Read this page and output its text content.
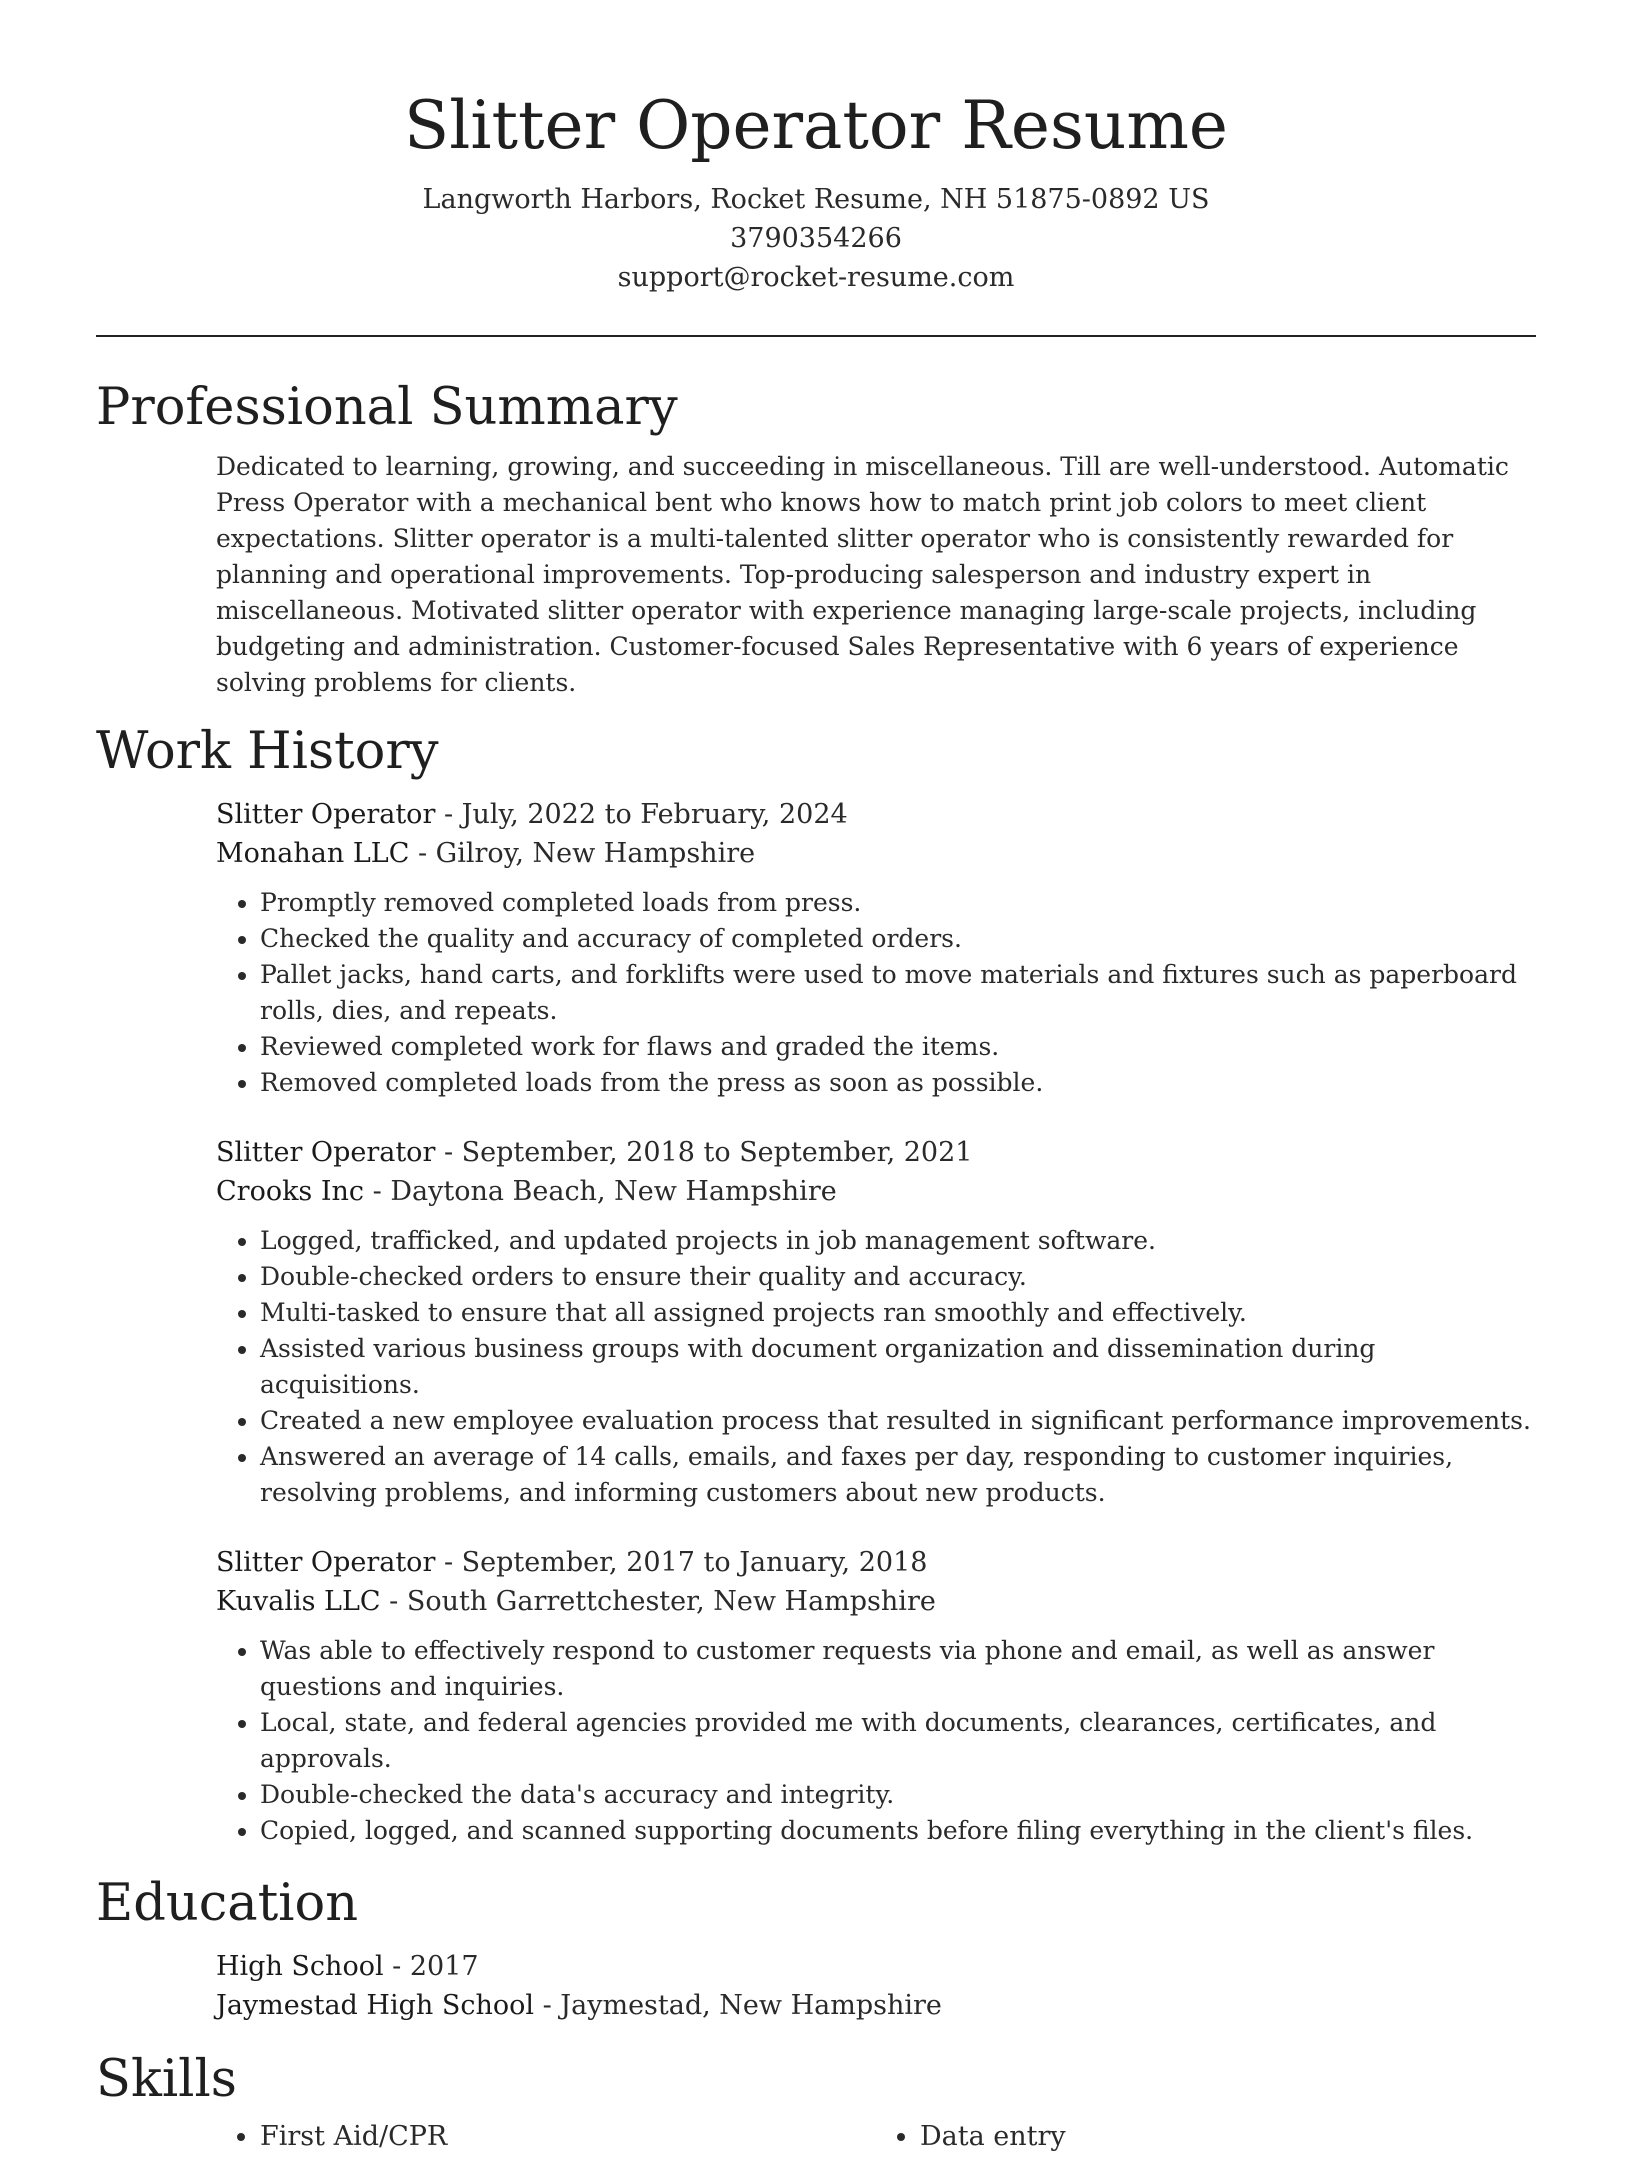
Slitter Operator Resume
Langworth Harbors, Rocket Resume, NH 51875-0892 US
3790354266
support@rocket-resume.com
Professional Summary

Dedicated to learning, growing, and succeeding in miscellaneous. Till are well-understood. Automatic Press Operator with a mechanical bent who knows how to match print job colors to meet client expectations. Slitter operator is a multi-talented slitter operator who is consistently rewarded for planning and operational improvements. Top-producing salesperson and industry expert in miscellaneous. Motivated slitter operator with experience managing large-scale projects, including budgeting and administration. Customer-focused Sales Representative with 6 years of experience solving problems for clients.

Work History
Slitter Operator - July, 2022 to February, 2024
Monahan LLC - Gilroy, New Hampshire
• Promptly removed completed loads from press.
• Checked the quality and accuracy of completed orders.
• Pallet jacks, hand carts, and forklifts were used to move materials and fixtures such as paperboard rolls, dies, and repeats.
• Reviewed completed work for flaws and graded the items.
• Removed completed loads from the press as soon as possible.
Slitter Operator - September, 2018 to September, 2021
Crooks Inc - Daytona Beach, New Hampshire
• Logged, trafficked, and updated projects in job management software.
• Double-checked orders to ensure their quality and accuracy.
• Multi-tasked to ensure that all assigned projects ran smoothly and effectively.
• Assisted various business groups with document organization and dissemination during acquisitions.
• Created a new employee evaluation process that resulted in significant performance improvements.
• Answered an average of 14 calls, emails, and faxes per day, responding to customer inquiries, resolving problems, and informing customers about new products.
Slitter Operator - September, 2017 to January, 2018
Kuvalis LLC - South Garrettchester, New Hampshire
• Was able to effectively respond to customer requests via phone and email, as well as answer questions and inquiries.
• Local, state, and federal agencies provided me with documents, clearances, certificates, and approvals.
• Double-checked the data's accuracy and integrity.
• Copied, logged, and scanned supporting documents before filing everything in the client's files.
Education
High School - 2017
Jaymestad High School - Jaymestad, New Hampshire
Skills
• First Aid/CPR
•	Data entry
